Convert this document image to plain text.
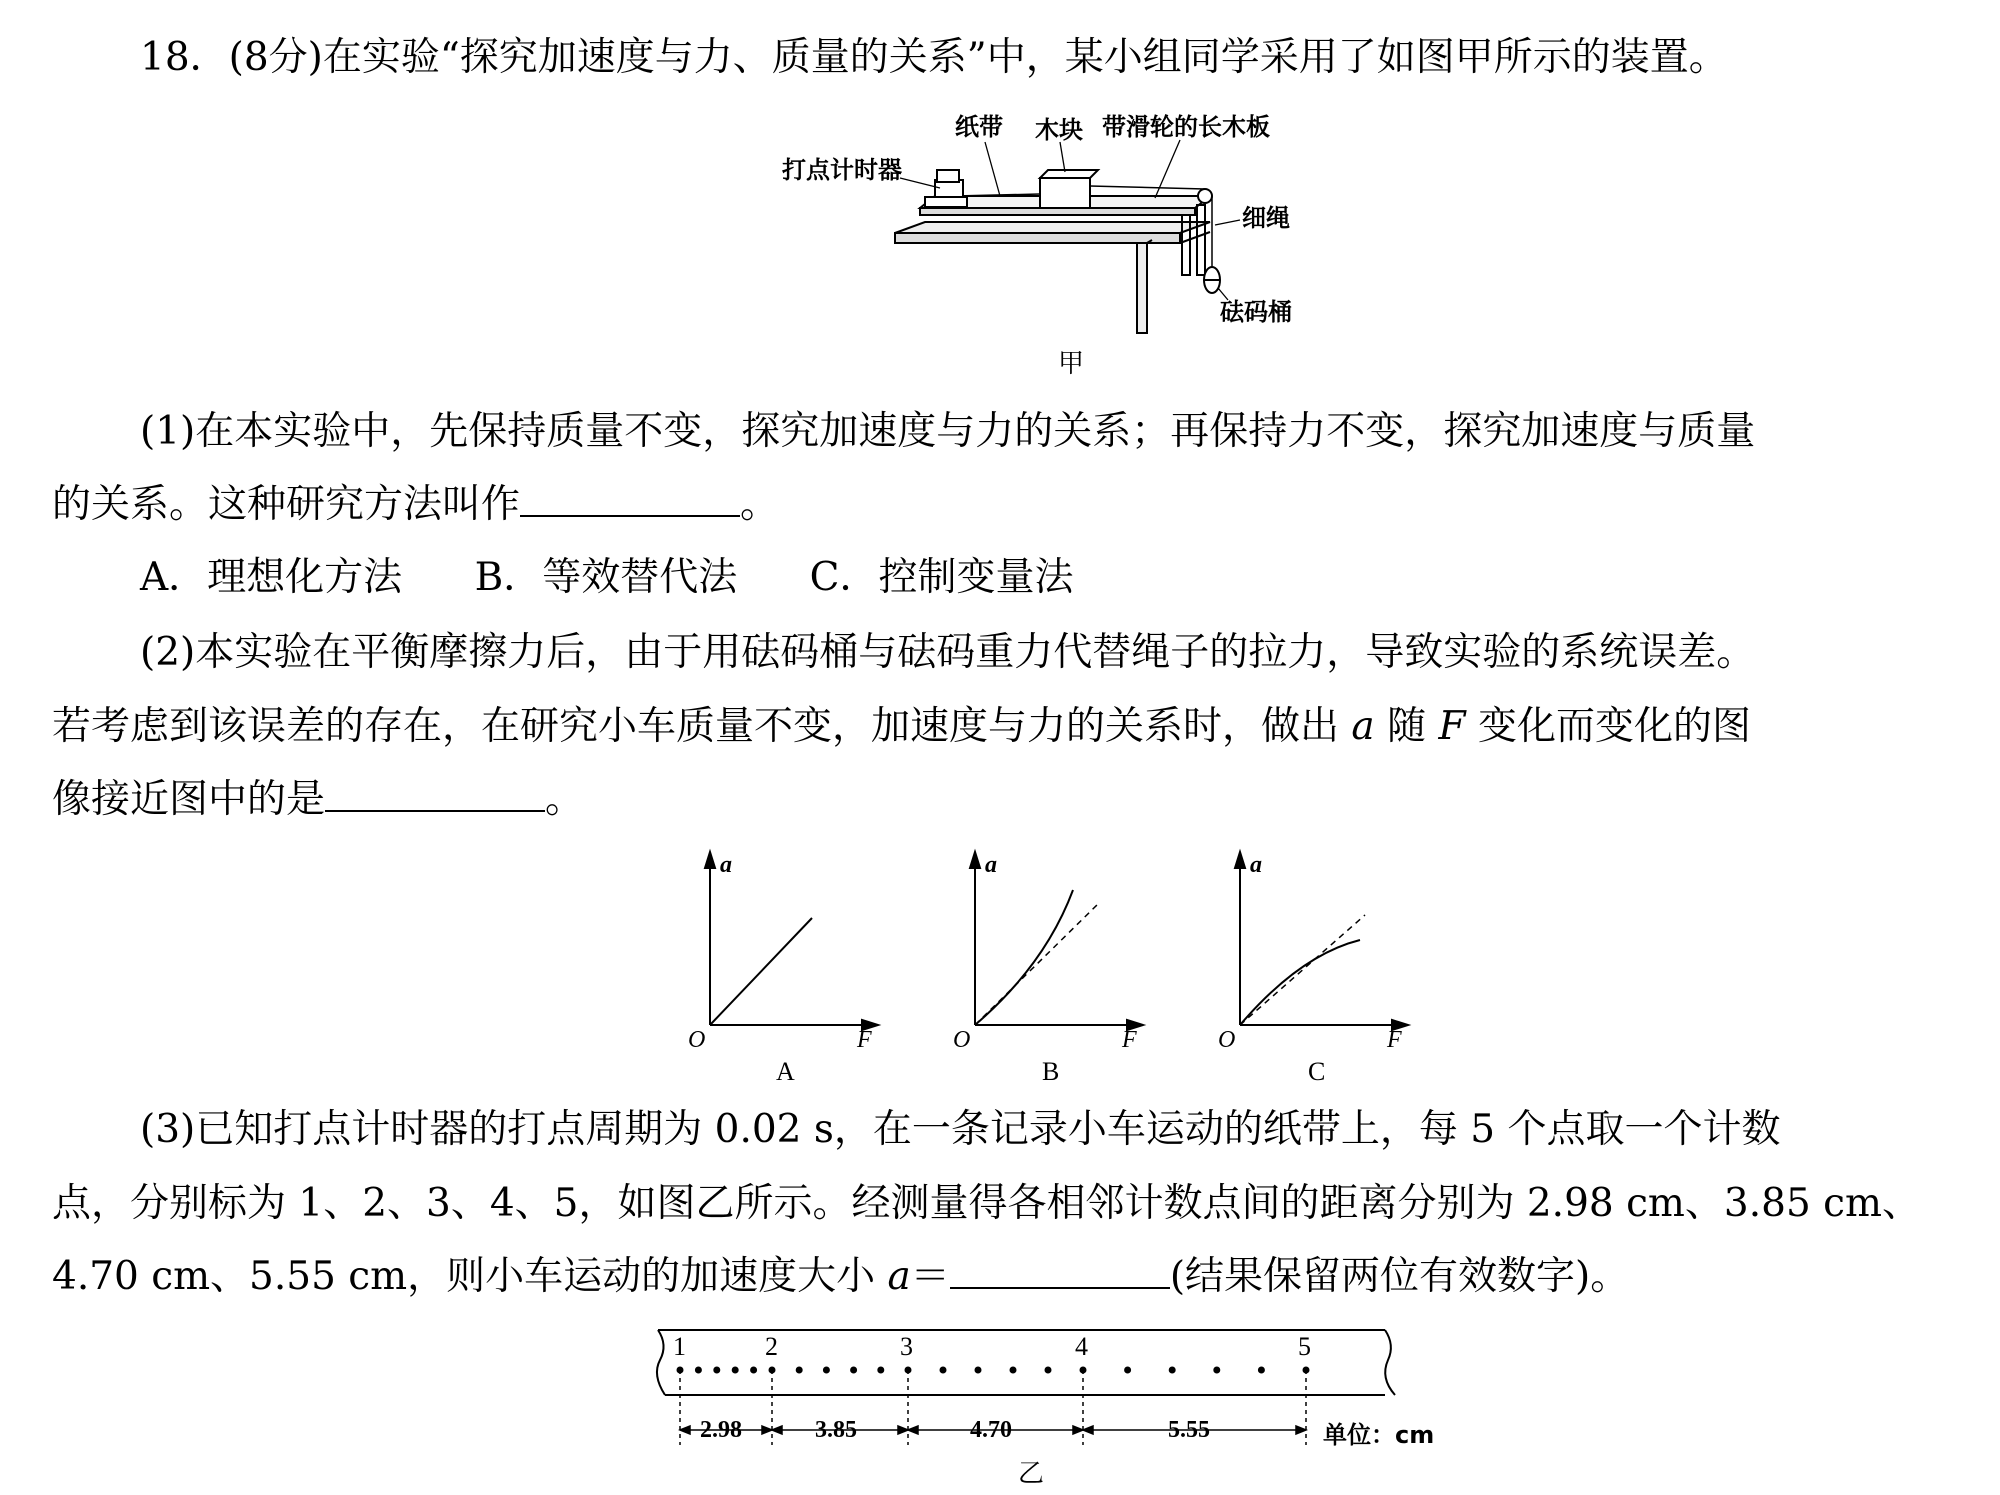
18．(8分)在实验“探究加速度与力、质量的关系”中，某小组同学采用了如图甲所示的装置。
(1)在本实验中，先保持质量不变，探究加速度与力的关系；再保持力不变，探究加速度与质量
的关系。这种研究方法叫作	。
A．理想化方法 B．等效替代法 C．控制变量法
(2)本实验在平衡摩擦力后，由于用砝码桶与砝码重力代替绳子的拉力，导致实验的系统误差。
若考虑到该误差的存在，在研究小车质量不变，加速度与力的关系时，做出 a 随 F 变化而变化的图
像接近图中的是	。
(3)已知打点计时器的打点周期为 0.02 s，在一条记录小车运动的纸带上，每 5 个点取一个计数
点，分别标为 1、2、3、4、5，如图乙所示。经测量得各相邻计数点间的距离分别为 2.98 cm、3.85 cm、
4.70 cm、5.55 cm，则小车运动的加速度大小 a＝	(结果保留两位有效数字)。
纸带 木块 带滑轮的长木板
打点计时器
细绳
砝码桶
甲
a
O	F
A
a
O	F
B
a
O	F
C
1	2	3	4	5
2.98	3.85	4.70	5.55	单位：cm
乙
